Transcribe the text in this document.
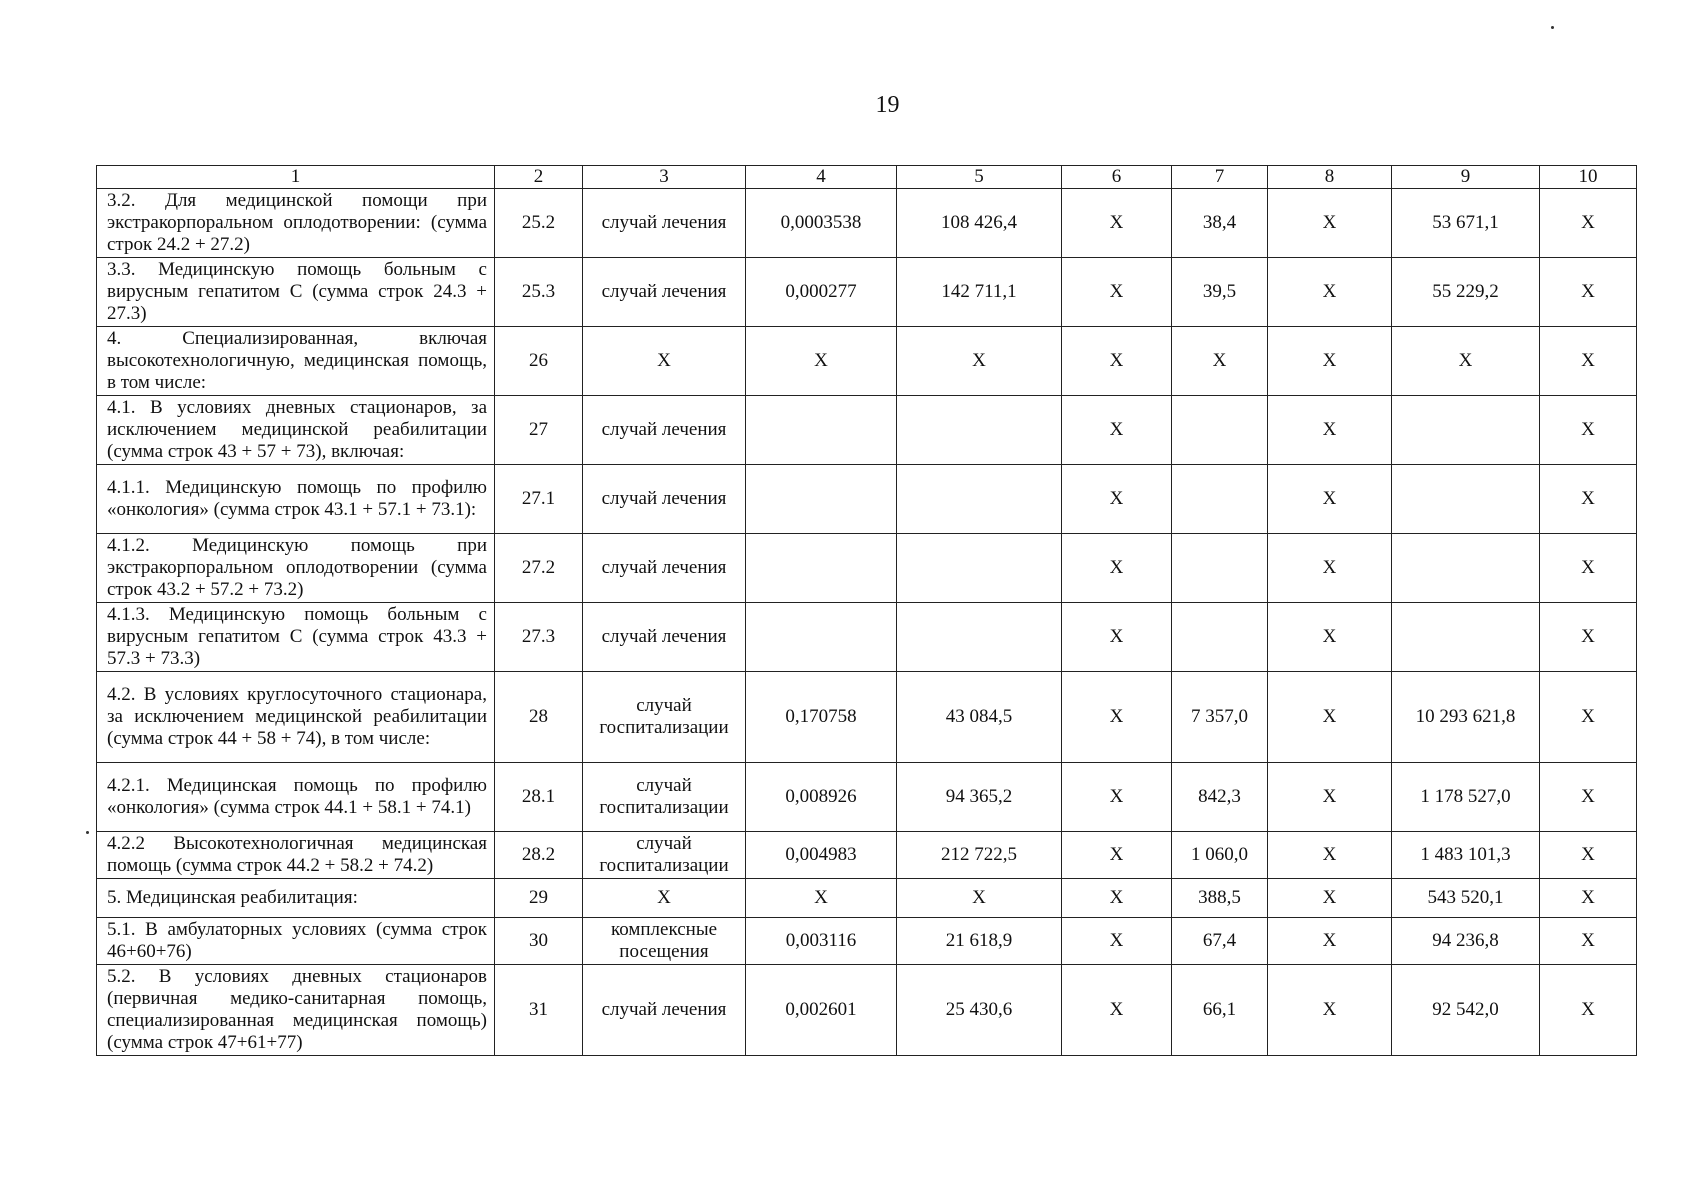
19
1	2	3	4	5	6	7	8	9	10
3.2. Для медицинской помощи при экстракорпоральном оплодотворении: (сумма строк 24.2 + 27.2)	25.2	случай лечения	0,0003538	108 426,4	X	38,4	X	53 671,1	X
3.3. Медицинскую помощь больным с вирусным гепатитом С (сумма строк 24.3 + 27.3)	25.3	случай лечения	0,000277	142 711,1	X	39,5	X	55 229,2	X
4. Специализированная, включая высокотехнологичную, медицинская помощь, в том числе:	26	X	X	X	X	X	X	X	X
4.1. В условиях дневных стационаров, за исключением медицинской реабилитации (сумма строк 43 + 57 + 73), включая:	27	случай лечения			X		X		X
4.1.1. Медицинскую помощь по профилю «онкология» (сумма строк 43.1 + 57.1 + 73.1):	27.1	случай лечения			X		X		X
4.1.2. Медицинскую помощь при экстракорпоральном оплодотворении (сумма строк 43.2 + 57.2 + 73.2)	27.2	случай лечения			X		X		X
4.1.3. Медицинскую помощь больным с вирусным гепатитом С (сумма строк 43.3 + 57.3 + 73.3)	27.3	случай лечения			X		X		X
4.2. В условиях круглосуточного стационара, за исключением медицинской реабилитации (сумма строк 44 + 58 + 74), в том числе:	28	случай госпитализации	0,170758	43 084,5	X	7 357,0	X	10 293 621,8	X
4.2.1. Медицинская помощь по профилю «онкология» (сумма строк 44.1 + 58.1 + 74.1)	28.1	случай госпитализации	0,008926	94 365,2	X	842,3	X	1 178 527,0	X
4.2.2 Высокотехнологичная медицинская помощь (сумма строк 44.2 + 58.2 + 74.2)	28.2	случай госпитализации	0,004983	212 722,5	X	1 060,0	X	1 483 101,3	X
5. Медицинская реабилитация:	29	X	X	X	X	388,5	X	543 520,1	X
5.1. В амбулаторных условиях (сумма строк 46+60+76)	30	комплексные посещения	0,003116	21 618,9	X	67,4	X	94 236,8	X
5.2. В условиях дневных стационаров (первичная медико-санитарная помощь, специализированная медицинская помощь) (сумма строк 47+61+77)	31	случай лечения	0,002601	25 430,6	X	66,1	X	92 542,0	X
